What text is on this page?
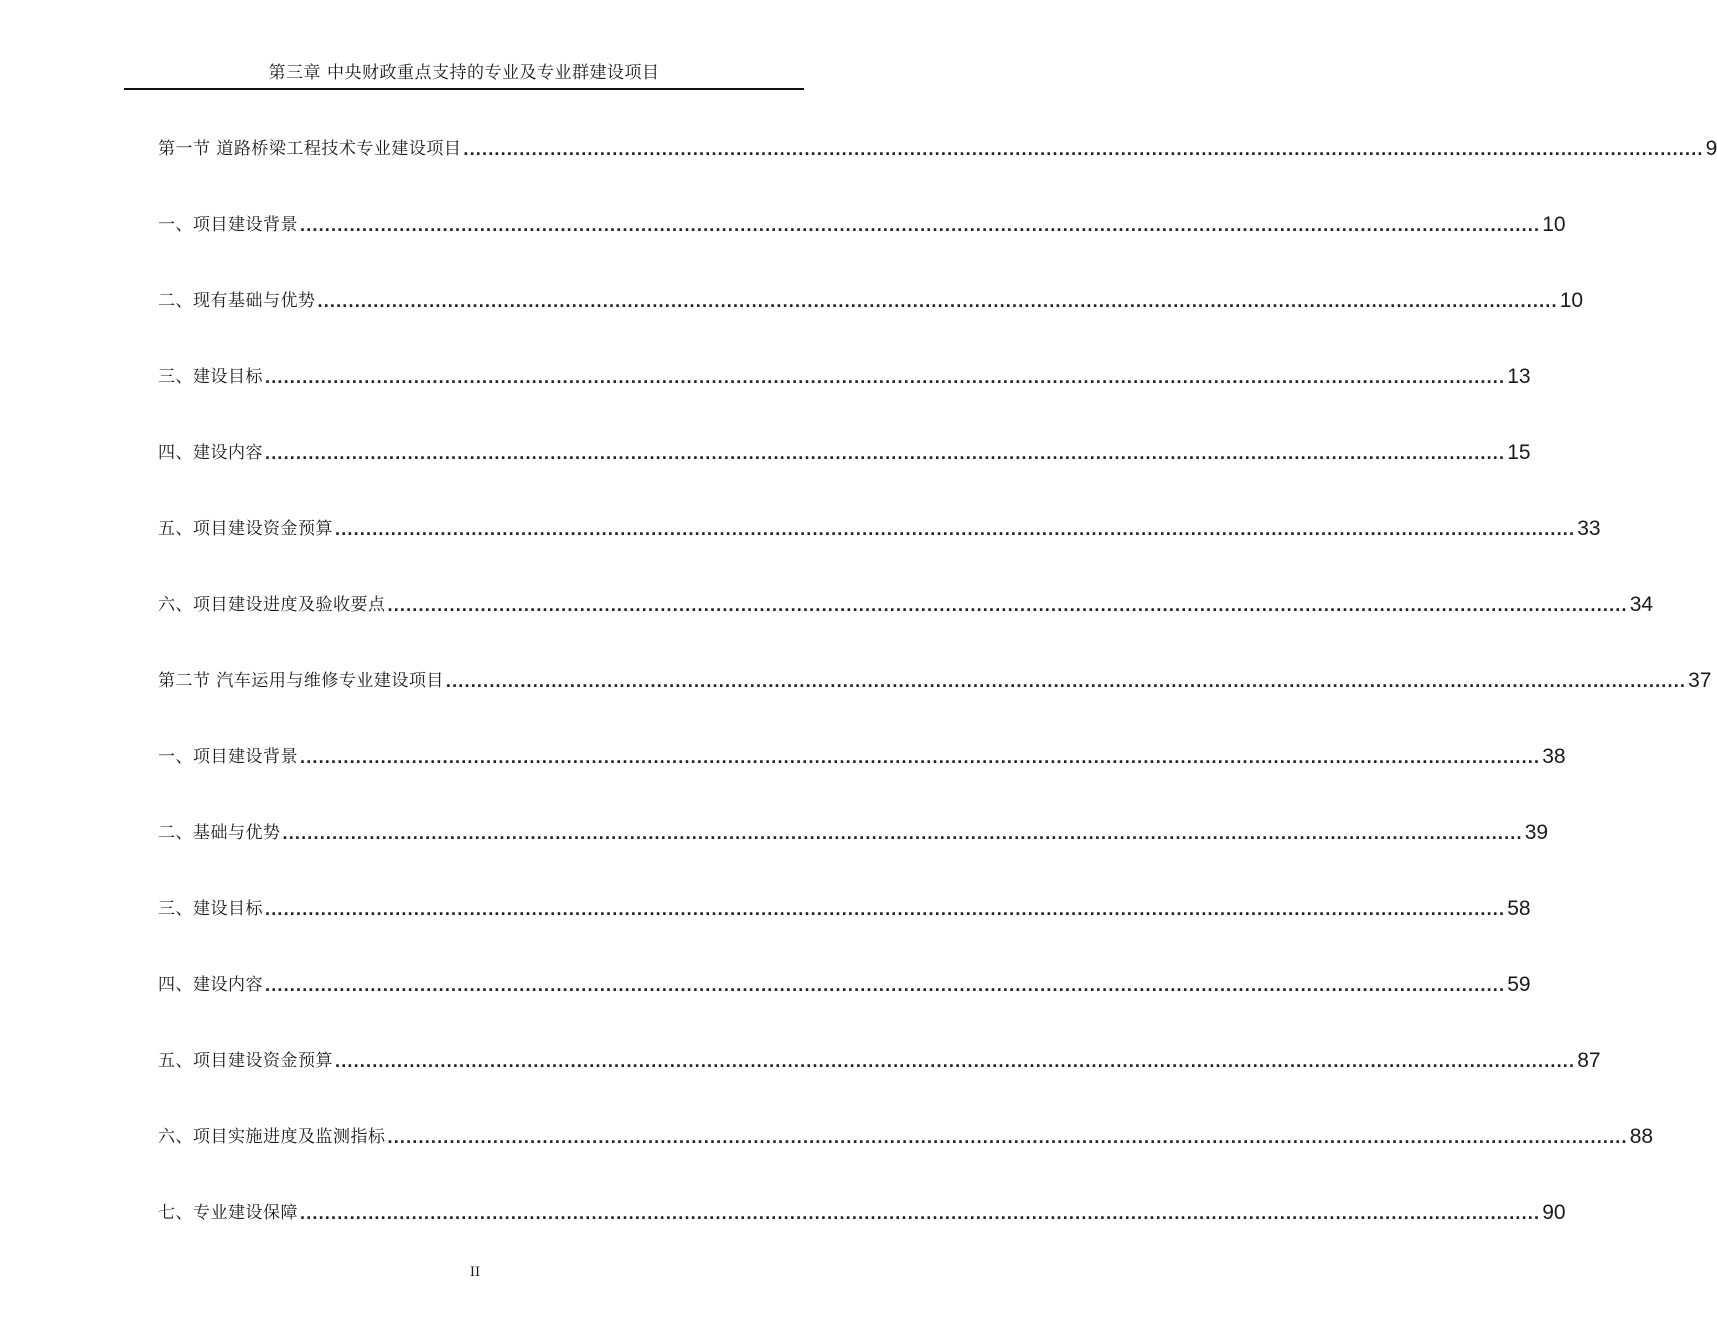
第三章 中央财政重点支持的专业及专业群建设项目
第一节 道路桥梁工程技术专业建设项目 ........................................................................................................................................................................................................ 9
一、项目建设背景 ........................................................................................................................................................................................................ 10
二、现有基础与优势 ........................................................................................................................................................................................................ 10
三、建设目标 ........................................................................................................................................................................................................ 13
四、建设内容 ........................................................................................................................................................................................................ 15
五、项目建设资金预算 ........................................................................................................................................................................................................ 33
六、项目建设进度及验收要点 ........................................................................................................................................................................................................ 34
第二节 汽车运用与维修专业建设项目 ........................................................................................................................................................................................................ 37
一、项目建设背景 ........................................................................................................................................................................................................ 38
二、基础与优势 ........................................................................................................................................................................................................ 39
三、建设目标 ........................................................................................................................................................................................................ 58
四、建设内容 ........................................................................................................................................................................................................ 59
五、项目建设资金预算 ........................................................................................................................................................................................................ 87
六、项目实施进度及监测指标 ........................................................................................................................................................................................................ 88
七、专业建设保障 ........................................................................................................................................................................................................ 90
II
